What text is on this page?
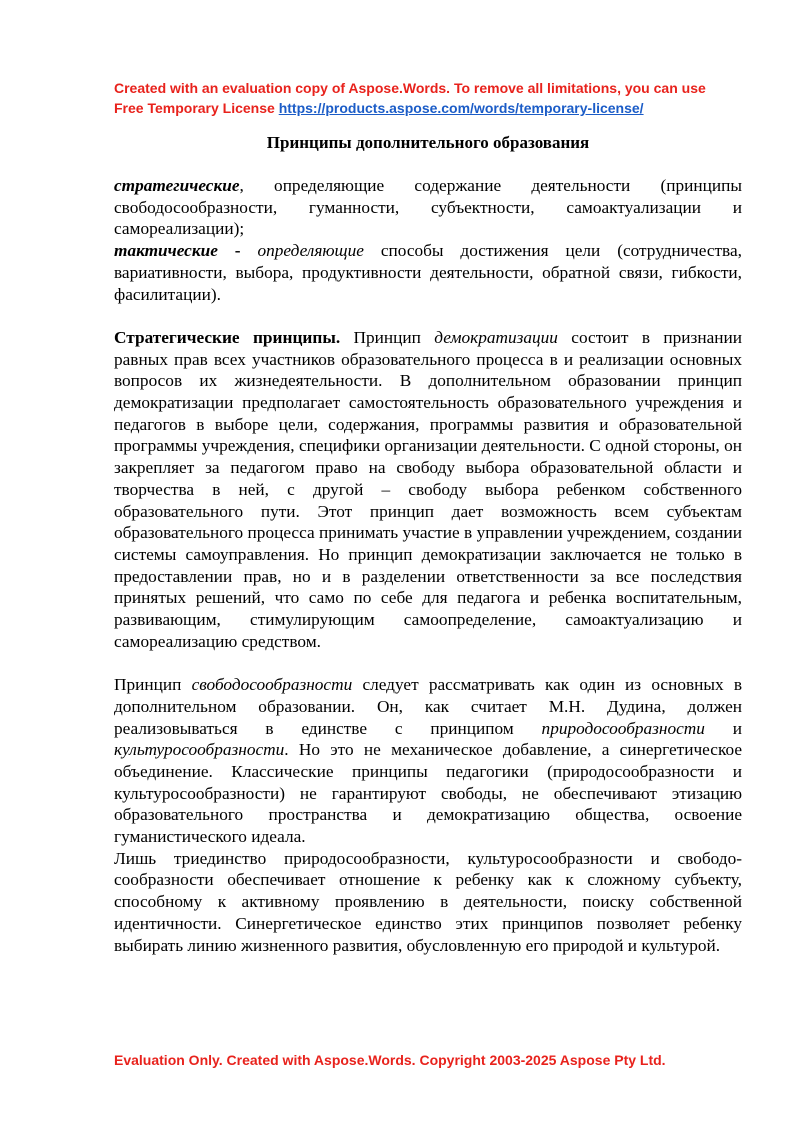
Created with an evaluation copy of Aspose.Words. To remove all limitations, you can use Free Temporary License https://products.aspose.com/words/temporary-license/
Принципы дополнительного образования

стратегические, определяющие содержание деятельности (принципы свободосообразности, гуманности, субъектности, самоактуализации и самореализации);

тактические - определяющие способы достижения цели (сотрудничества, вариативности, выбора, продуктивности деятельности, обратной связи, гибкости, фасилитации).

Стратегические принципы. Принцип демократизации состоит в признании равных прав всех участников образовательного процесса в и реализации основных вопросов их жизнедеятельности. В дополнительном образовании принцип демократизации предполагает самостоятельность образовательного учреждения и педагогов в выборе цели, содержания, программы развития и образовательной программы учреждения, специфики организации деятельности. С одной стороны, он закрепляет за педагогом право на свободу выбора образовательной области и творчества в ней, с другой – свободу выбора ребенком собственного образовательного пути. Этот принцип дает возможность всем субъектам образовательного процесса принимать участие в управлении учреждением, создании системы самоуправления. Но принцип демократизации заключается не только в предоставлении прав, но и в разделении ответственности за все последствия принятых решений, что само по себе для педагога и ребенка воспитательным, развивающим, стимулирующим самоопределение, самоактуализацию и самореализацию средством.

Принцип свободосообразности следует рассматривать как один из основных в дополнительном образовании. Он, как считает М.Н. Дудина, должен реализовываться в единстве с принципом природосообразности и культуросообразности. Но это не механическое добавление, а синергетическое объединение. Классические принципы педагогики (природосообразности и культуросообразности) не гарантируют свободы, не обеспечивают этизацию образовательного пространства и демократизацию общества, освоение гуманистического идеала.

Лишь триединство природосообразности, культуросообразности и свободо-сообразности обеспечивает отношение к ребенку как к сложному субъекту, способному к активному проявлению в деятельности, поиску собственной идентичности. Синергетическое единство этих принципов позволяет ребенку выбирать линию жизненного развития, обусловленную его природой и культурой.

Evaluation Only. Created with Aspose.Words. Copyright 2003-2025 Aspose Pty Ltd.
